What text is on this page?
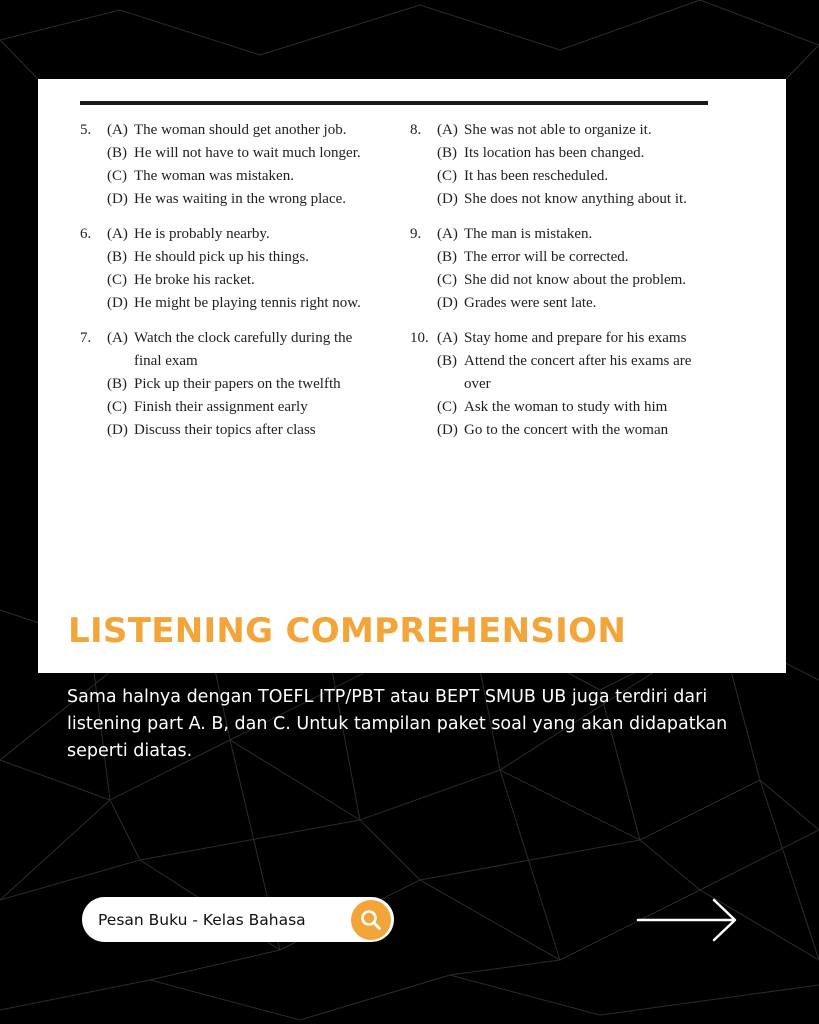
5. (A) The woman should get another job.
(B) He will not have to wait much longer.
(C) The woman was mistaken.
(D) He was waiting in the wrong place.
6. (A) He is probably nearby.
(B) He should pick up his things.
(C) He broke his racket.
(D) He might be playing tennis right now.
7. (A) Watch the clock carefully during the final exam
(B) Pick up their papers on the twelfth
(C) Finish their assignment early
(D) Discuss their topics after class
8. (A) She was not able to organize it.
(B) Its location has been changed.
(C) It has been rescheduled.
(D) She does not know anything about it.
9. (A) The man is mistaken.
(B) The error will be corrected.
(C) She did not know about the problem.
(D) Grades were sent late.
10. (A) Stay home and prepare for his exams
(B) Attend the concert after his exams are over
(C) Ask the woman to study with him
(D) Go to the concert with the woman
LISTENING COMPREHENSION

Sama halnya dengan TOEFL ITP/PBT atau BEPT SMUB UB juga terdiri dari listening part A. B, dan C. Untuk tampilan paket soal yang akan didapatkan seperti diatas.

Pesan Buku - Kelas Bahasa
